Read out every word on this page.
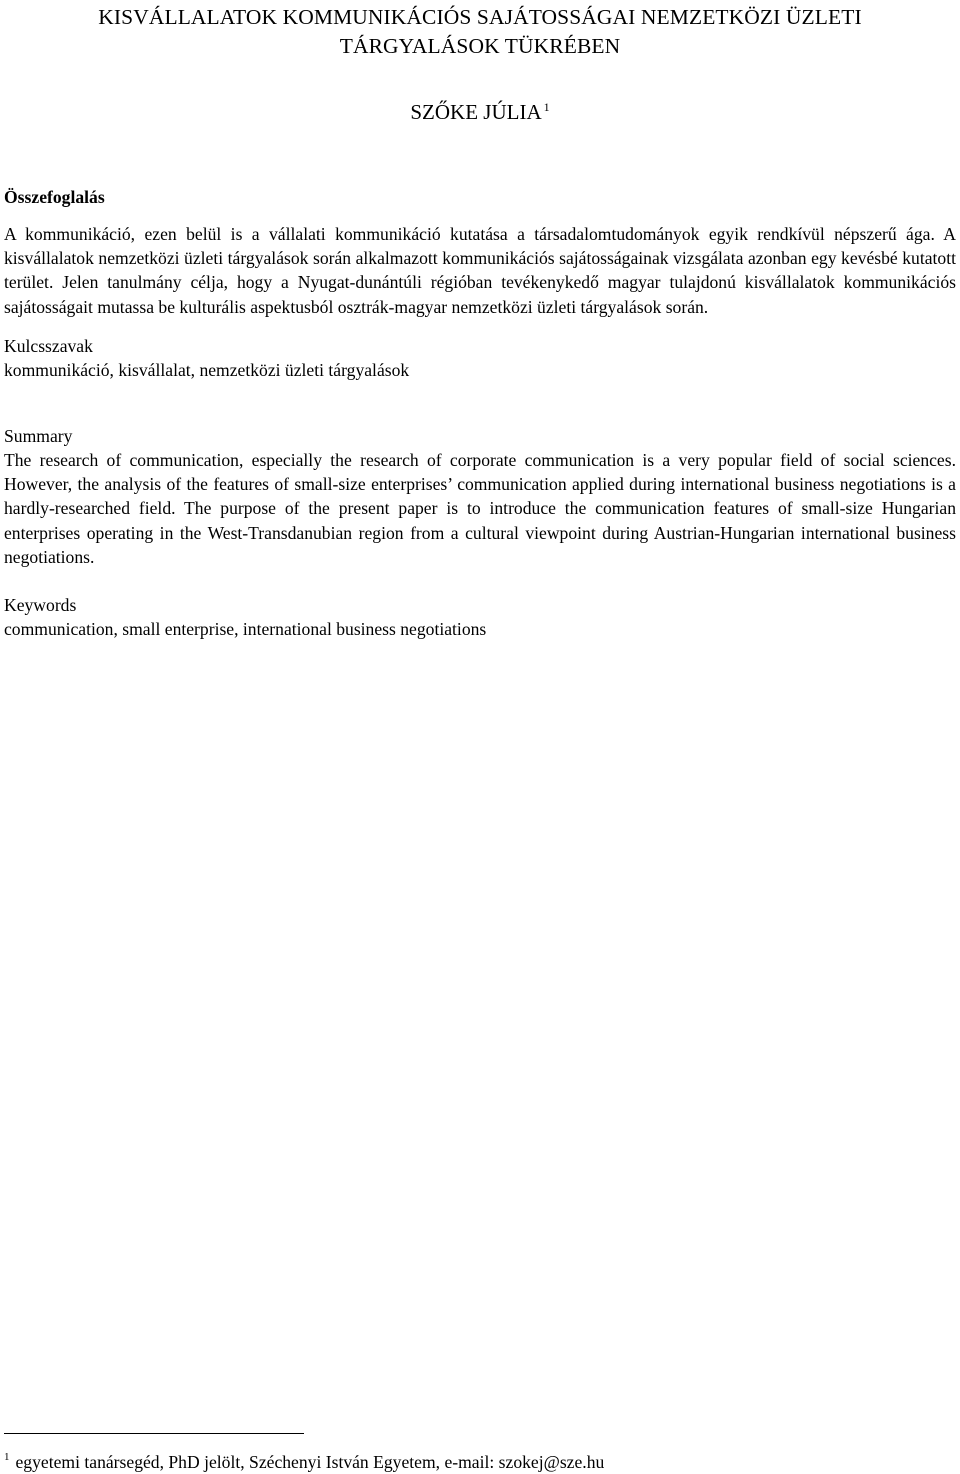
KISVÁLLALATOK KOMMUNIKÁCIÓS SAJÁTOSSÁGAI NEMZETKÖZI ÜZLETI
TÁRGYALÁSOK TÜKRÉBEN
SZŐKE JÚLIA $^1$
Összefoglalás

A kommunikáció, ezen belül is a vállalati kommunikáció kutatása a társadalomtudományok egyik rendkívül népszerű ága. A kisvállalatok nemzetközi üzleti tárgyalások során alkalmazott kommunikációs sajátosságainak vizsgálata azonban egy kevésbé kutatott terület. Jelen tanulmány célja, hogy a Nyugat-dunántúli régióban tevékenykedő magyar tulajdonú kisvállalatok kommunikációs sajátosságait mutassa be kulturális aspektusból osztrák-magyar nemzetközi üzleti tárgyalások során.

Kulcsszavak

kommunikáció, kisvállalat, nemzetközi üzleti tárgyalások

Summary

The research of communication, especially the research of corporate communication is a very popular field of social sciences. However, the analysis of the features of small-size enterprises’ communication applied during international business negotiations is a hardly-researched field. The purpose of the present paper is to introduce the communication features of small-size Hungarian enterprises operating in the West-Transdanubian region from a cultural viewpoint during Austrian-Hungarian international business negotiations.

Keywords

communication, small enterprise, international business negotiations

$^1$ egyetemi tanársegéd, PhD jelölt, Széchenyi István Egyetem, e-mail: szokej@sze.hu
